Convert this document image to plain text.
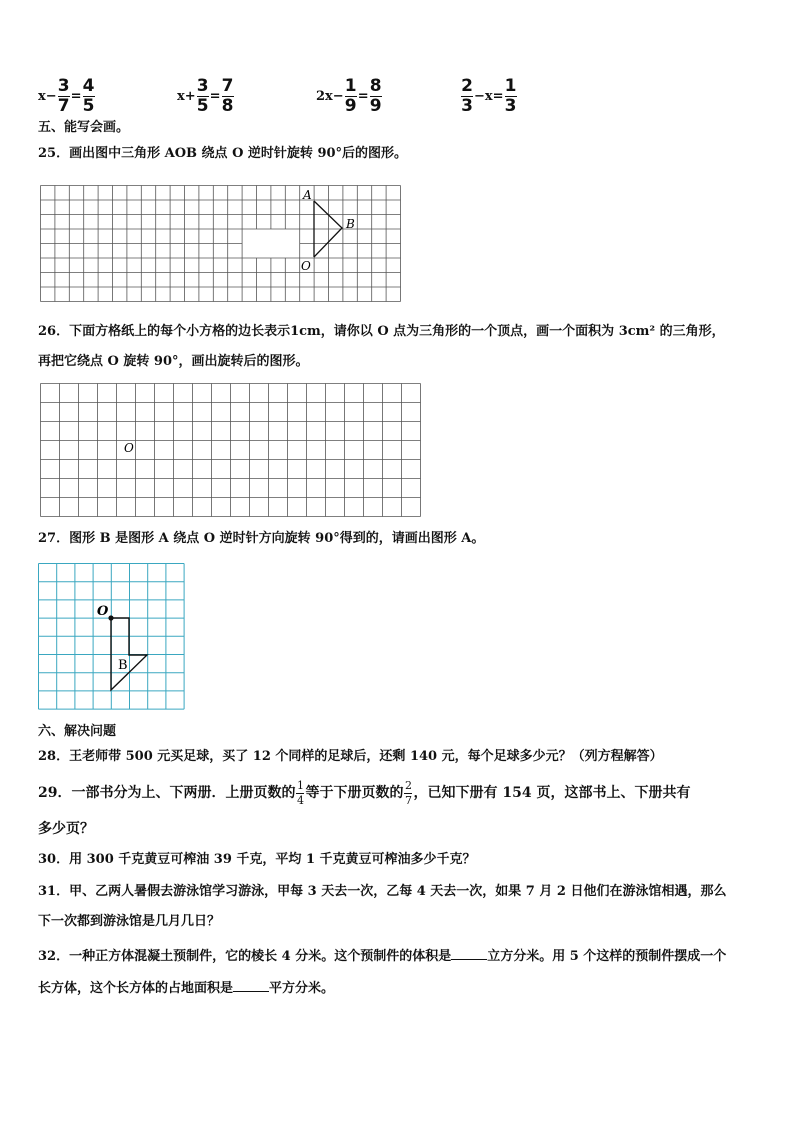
$x- \frac{3}{7} = \frac{4}{5}$	$x+ \frac{3}{5} = \frac{7}{8}$	$2x- \frac{1}{9} = \frac{8}{9}$	$\frac{2}{3} -x= \frac{1}{3}$
五、能写会画。
25．画出图中三角形 AOB 绕点 O 逆时针旋转 90°后的图形。
A
B
O
26．下面方格纸上的每个小方格的边长表示1cm，请你以 O 点为三角形的一个顶点，画一个面积为 3cm² 的三角形，
再把它绕点 O 旋转 90°，画出旋转后的图形。
O
27．图形 B 是图形 A 绕点 O 逆时针方向旋转 90°得到的，请画出图形 A。
O
B
六、解决问题
28．王老师带 500 元买足球，买了 12 个同样的足球后，还剩 140 元，每个足球多少元？（列方程解答）
29．一部书分为上、下两册．上册页数的 1
4 等于下册页数的 2
7 ，已知下册有 154 页，这部书上、下册共有
多少页？
30．用 300 千克黄豆可榨油 39 千克，平均 1 千克黄豆可榨油多少千克？
31．甲、乙两人暑假去游泳馆学习游泳，甲每 3 天去一次，乙每 4 天去一次，如果 7 月 2 日他们在游泳馆相遇，那么
下一次都到游泳馆是几月几日？
32．一种正方体混凝土预制件，它的棱长 4 分米。这个预制件的体积是	立方分米。用 5 个这样的预制件摆成一个
长方体，这个长方体的占地面积是	平方分米。
